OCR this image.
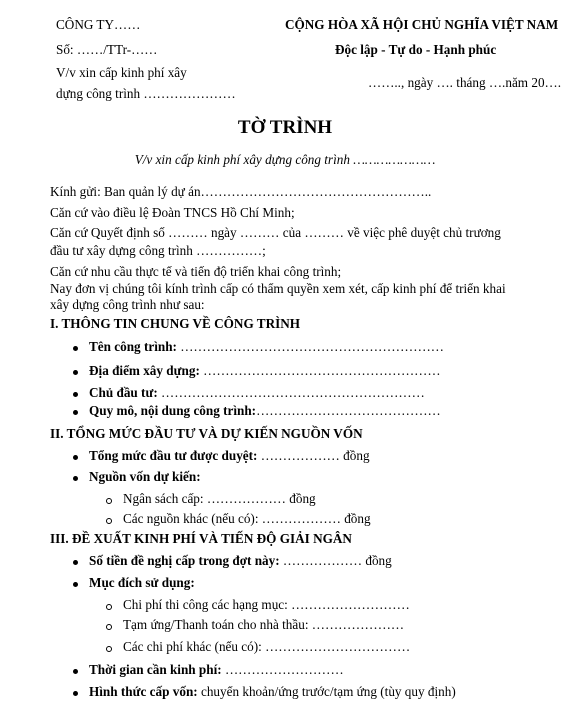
CÔNG TY……
Số: ……/TTr-……
V/v xin cấp kinh phí xây
dựng công trình …………………
CỘNG HÒA XÃ HỘI CHỦ NGHĨA VIỆT NAM
Độc lập - Tự do - Hạnh phúc
…….., ngày …. tháng ….năm 20….
TỜ TRÌNH
V/v xin cấp kinh phí xây dựng công trình …………………
Kính gửi: Ban quản lý dự án……………………………………………..
Căn cứ vào điều lệ Đoàn TNCS Hồ Chí Minh;
Căn cứ Quyết định số ……… ngày ……… của ……… về việc phê duyệt chủ trương đầu tư xây dựng công trình ……………;
Căn cứ nhu cầu thực tế và tiến độ triển khai công trình;
Nay đơn vị chúng tôi kính trình cấp có thẩm quyền xem xét, cấp kinh phí để triển khai xây dựng công trình như sau:
I. THÔNG TIN CHUNG VỀ CÔNG TRÌNH
Tên công trình: ……………………………………………………
Địa điểm xây dựng: ………………………………………………
Chủ đầu tư: ……………………………………………………
Quy mô, nội dung công trình:……………………………………
II. TỔNG MỨC ĐẦU TƯ VÀ DỰ KIẾN NGUỒN VỐN
Tổng mức đầu tư được duyệt: ……………… đồng
Nguồn vốn dự kiến:
Ngân sách cấp: ……………… đồng
Các nguồn khác (nếu có): ……………… đồng
III. ĐỀ XUẤT KINH PHÍ VÀ TIẾN ĐỘ GIẢI NGÂN
Số tiền đề nghị cấp trong đợt này: ……………… đồng
Mục đích sử dụng:
Chi phí thi công các hạng mục: ………………………
Tạm ứng/Thanh toán cho nhà thầu: …………………
Các chi phí khác (nếu có): ……………………………
Thời gian cần kinh phí: ………………………
Hình thức cấp vốn: chuyển khoản/ứng trước/tạm ứng (tùy quy định)
